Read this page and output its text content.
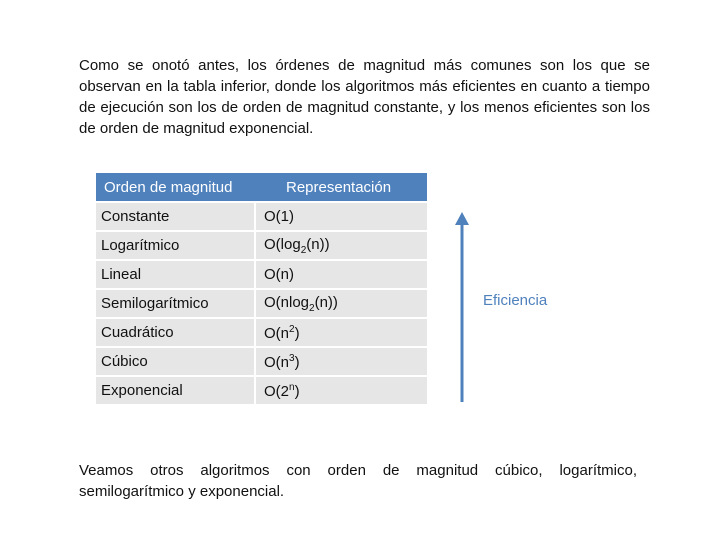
Como se onotó antes, los órdenes de magnitud más comunes son los que se observan en la tabla inferior, donde los algoritmos más eficientes en cuanto a tiempo de ejecución son los de orden de magnitud constante, y los menos eficientes son los de orden de magnitud exponencial.

Orden de magnitud	Representación
Constante	O(1)
Logarítmico	$O(\log_2(n))$
Lineal	O(n)
Semilogarítmico	O(nlog$_2$(n))
Cuadrático	$O(n^2)$
Cúbico	$O(n^3)$
Exponencial	O(2$^n$)
Eficiencia

Veamos otros algoritmos con orden de magnitud cúbico, logarítmico, semilogarítmico y exponencial.
